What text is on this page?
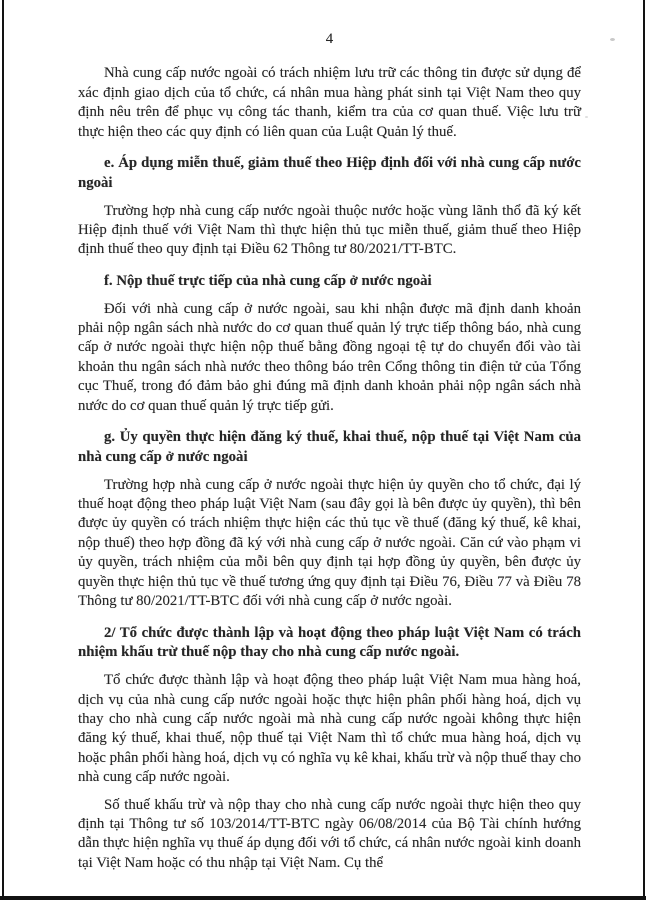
4

Nhà cung cấp nước ngoài có trách nhiệm lưu trữ các thông tin được sử dụng để xác định giao dịch của tổ chức, cá nhân mua hàng phát sinh tại Việt Nam theo quy định nêu trên để phục vụ công tác thanh, kiểm tra của cơ quan thuế. Việc lưu trữ thực hiện theo các quy định có liên quan của Luật Quản lý thuế.

e. Áp dụng miễn thuế, giảm thuế theo Hiệp định đối với nhà cung cấp nước ngoài

Trường hợp nhà cung cấp nước ngoài thuộc nước hoặc vùng lãnh thổ đã ký kết Hiệp định thuế với Việt Nam thì thực hiện thủ tục miễn thuế, giảm thuế theo Hiệp định thuế theo quy định tại Điều 62 Thông tư 80/2021/TT-BTC.

f. Nộp thuế trực tiếp của nhà cung cấp ở nước ngoài

Đối với nhà cung cấp ở nước ngoài, sau khi nhận được mã định danh khoản phải nộp ngân sách nhà nước do cơ quan thuế quản lý trực tiếp thông báo, nhà cung cấp ở nước ngoài thực hiện nộp thuế bằng đồng ngoại tệ tự do chuyển đổi vào tài khoản thu ngân sách nhà nước theo thông báo trên Cổng thông tin điện tử của Tổng cục Thuế, trong đó đảm bảo ghi đúng mã định danh khoản phải nộp ngân sách nhà nước do cơ quan thuế quản lý trực tiếp gửi.

g. Ủy quyền thực hiện đăng ký thuế, khai thuế, nộp thuế tại Việt Nam của nhà cung cấp ở nước ngoài

Trường hợp nhà cung cấp ở nước ngoài thực hiện ủy quyền cho tổ chức, đại lý thuế hoạt động theo pháp luật Việt Nam (sau đây gọi là bên được ủy quyền), thì bên được ủy quyền có trách nhiệm thực hiện các thủ tục về thuế (đăng ký thuế, kê khai, nộp thuế) theo hợp đồng đã ký với nhà cung cấp ở nước ngoài. Căn cứ vào phạm vi ủy quyền, trách nhiệm của mỗi bên quy định tại hợp đồng ủy quyền, bên được ủy quyền thực hiện thủ tục về thuế tương ứng quy định tại Điều 76, Điều 77 và Điều 78 Thông tư 80/2021/TT-BTC đối với nhà cung cấp ở nước ngoài.

2/ Tổ chức được thành lập và hoạt động theo pháp luật Việt Nam có trách nhiệm khấu trừ thuế nộp thay cho nhà cung cấp nước ngoài.

Tổ chức được thành lập và hoạt động theo pháp luật Việt Nam mua hàng hoá, dịch vụ của nhà cung cấp nước ngoài hoặc thực hiện phân phối hàng hoá, dịch vụ thay cho nhà cung cấp nước ngoài mà nhà cung cấp nước ngoài không thực hiện đăng ký thuế, khai thuế, nộp thuế tại Việt Nam thì tổ chức mua hàng hoá, dịch vụ hoặc phân phối hàng hoá, dịch vụ có nghĩa vụ kê khai, khấu trừ và nộp thuế thay cho nhà cung cấp nước ngoài.

Số thuế khấu trừ và nộp thay cho nhà cung cấp nước ngoài thực hiện theo quy định tại Thông tư số 103/2014/TT-BTC ngày 06/08/2014 của Bộ Tài chính hướng dẫn thực hiện nghĩa vụ thuế áp dụng đối với tổ chức, cá nhân nước ngoài kinh doanh tại Việt Nam hoặc có thu nhập tại Việt Nam. Cụ thể
